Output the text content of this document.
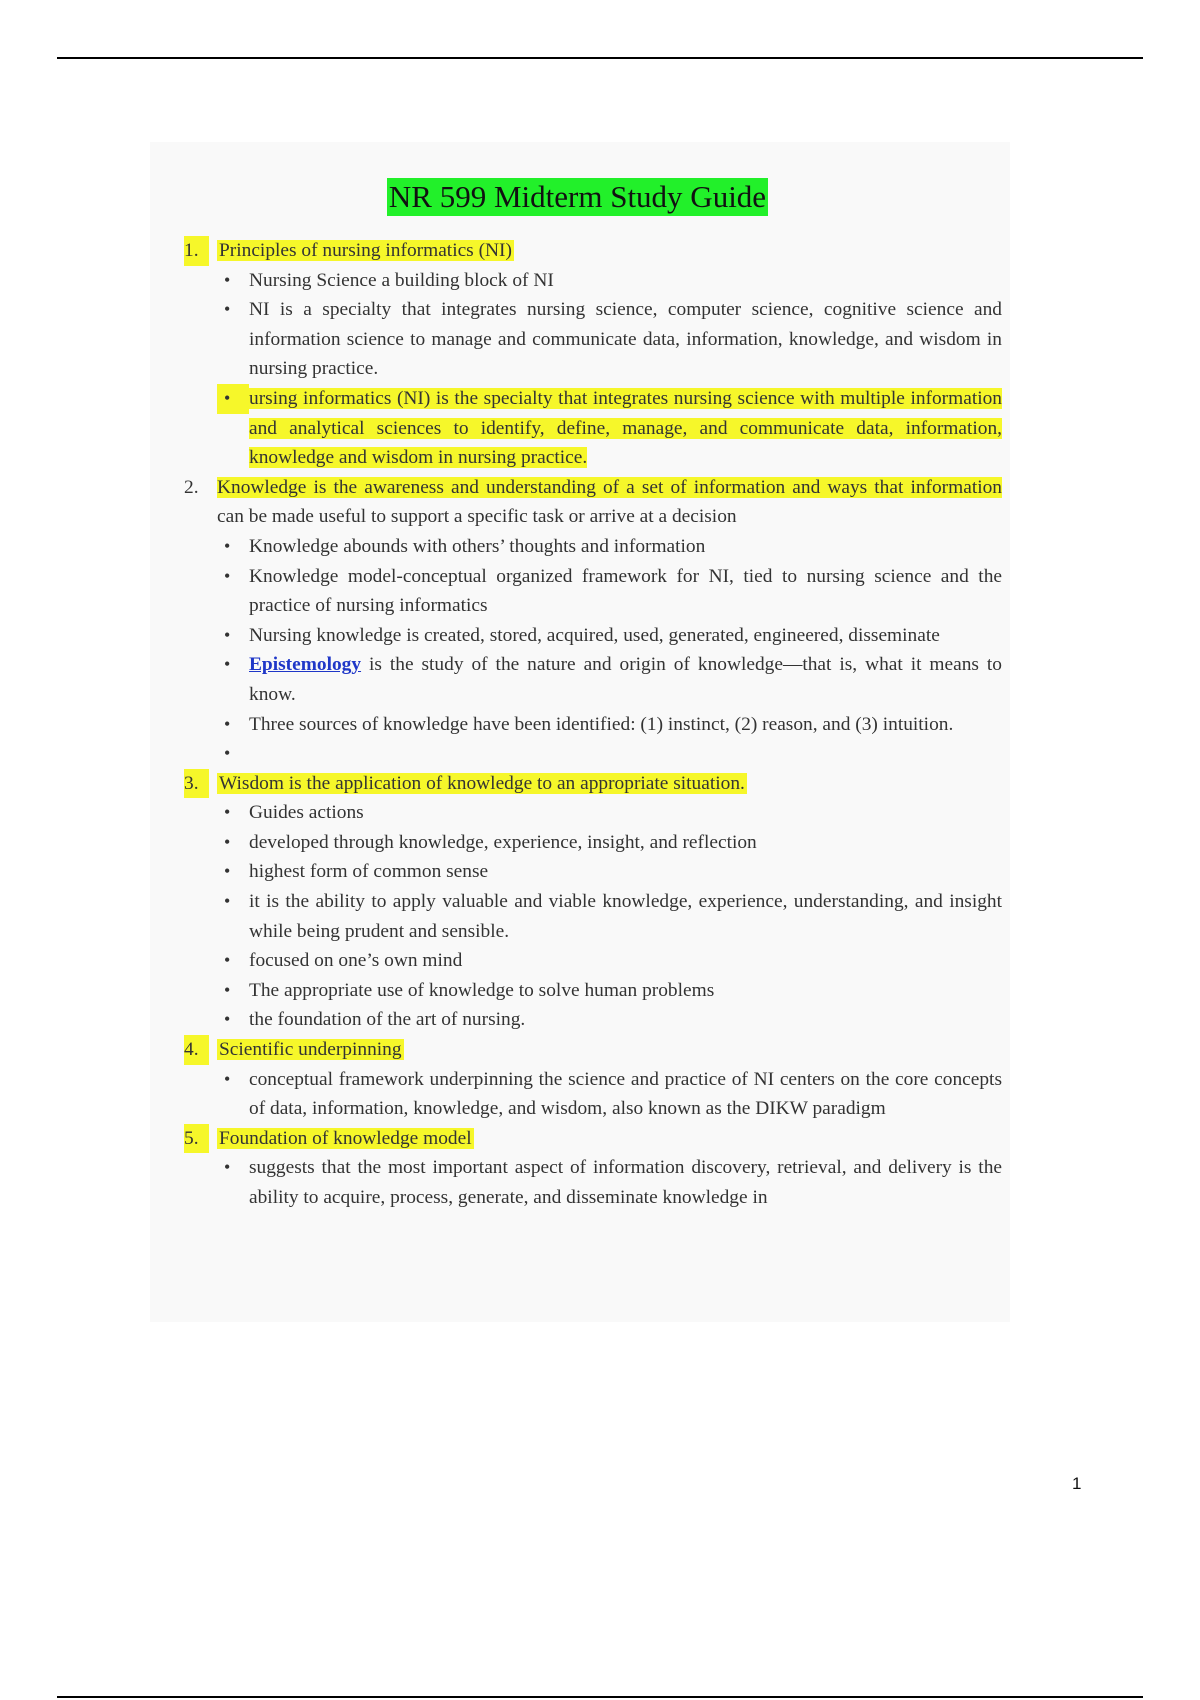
NR 599 Midterm Study Guide
1.	Principles of nursing informatics (NI)
• Nursing Science a building block of NI
• NI is a specialty that integrates nursing science, computer science, cognitive science and information science to manage and communicate data, information, knowledge, and wisdom in nursing practice.
• ursing informatics (NI) is the specialty that integrates nursing science with multiple information and analytical sciences to identify, define, manage, and communicate data, information, knowledge and wisdom in nursing practice.
2. Knowledge is the awareness and understanding of a set of information and ways that information can be made useful to support a specific task or arrive at a decision
• Knowledge abounds with others’ thoughts and information
• Knowledge model-conceptual organized framework for NI, tied to nursing science and the practice of nursing informatics
• Nursing knowledge is created, stored, acquired, used, generated, engineered, disseminate
• Epistemology is the study of the nature and origin of knowledge—that is, what it means to know.
• Three sources of knowledge have been identified: (1) instinct, (2) reason, and (3) intuition.
•
3.	Wisdom is the application of knowledge to an appropriate situation.
• Guides actions
• developed through knowledge, experience, insight, and reflection
• highest form of common sense
• it is the ability to apply valuable and viable knowledge, experience, understanding, and insight while being prudent and sensible.
• focused on one’s own mind
• The appropriate use of knowledge to solve human problems
• the foundation of the art of nursing.
4.	Scientific underpinning
• conceptual framework underpinning the science and practice of NI centers on the core concepts of data, information, knowledge, and wisdom, also known as the DIKW paradigm
5.	Foundation of knowledge model
• suggests that the most important aspect of information discovery, retrieval, and delivery is the ability to acquire, process, generate, and disseminate knowledge in
1
